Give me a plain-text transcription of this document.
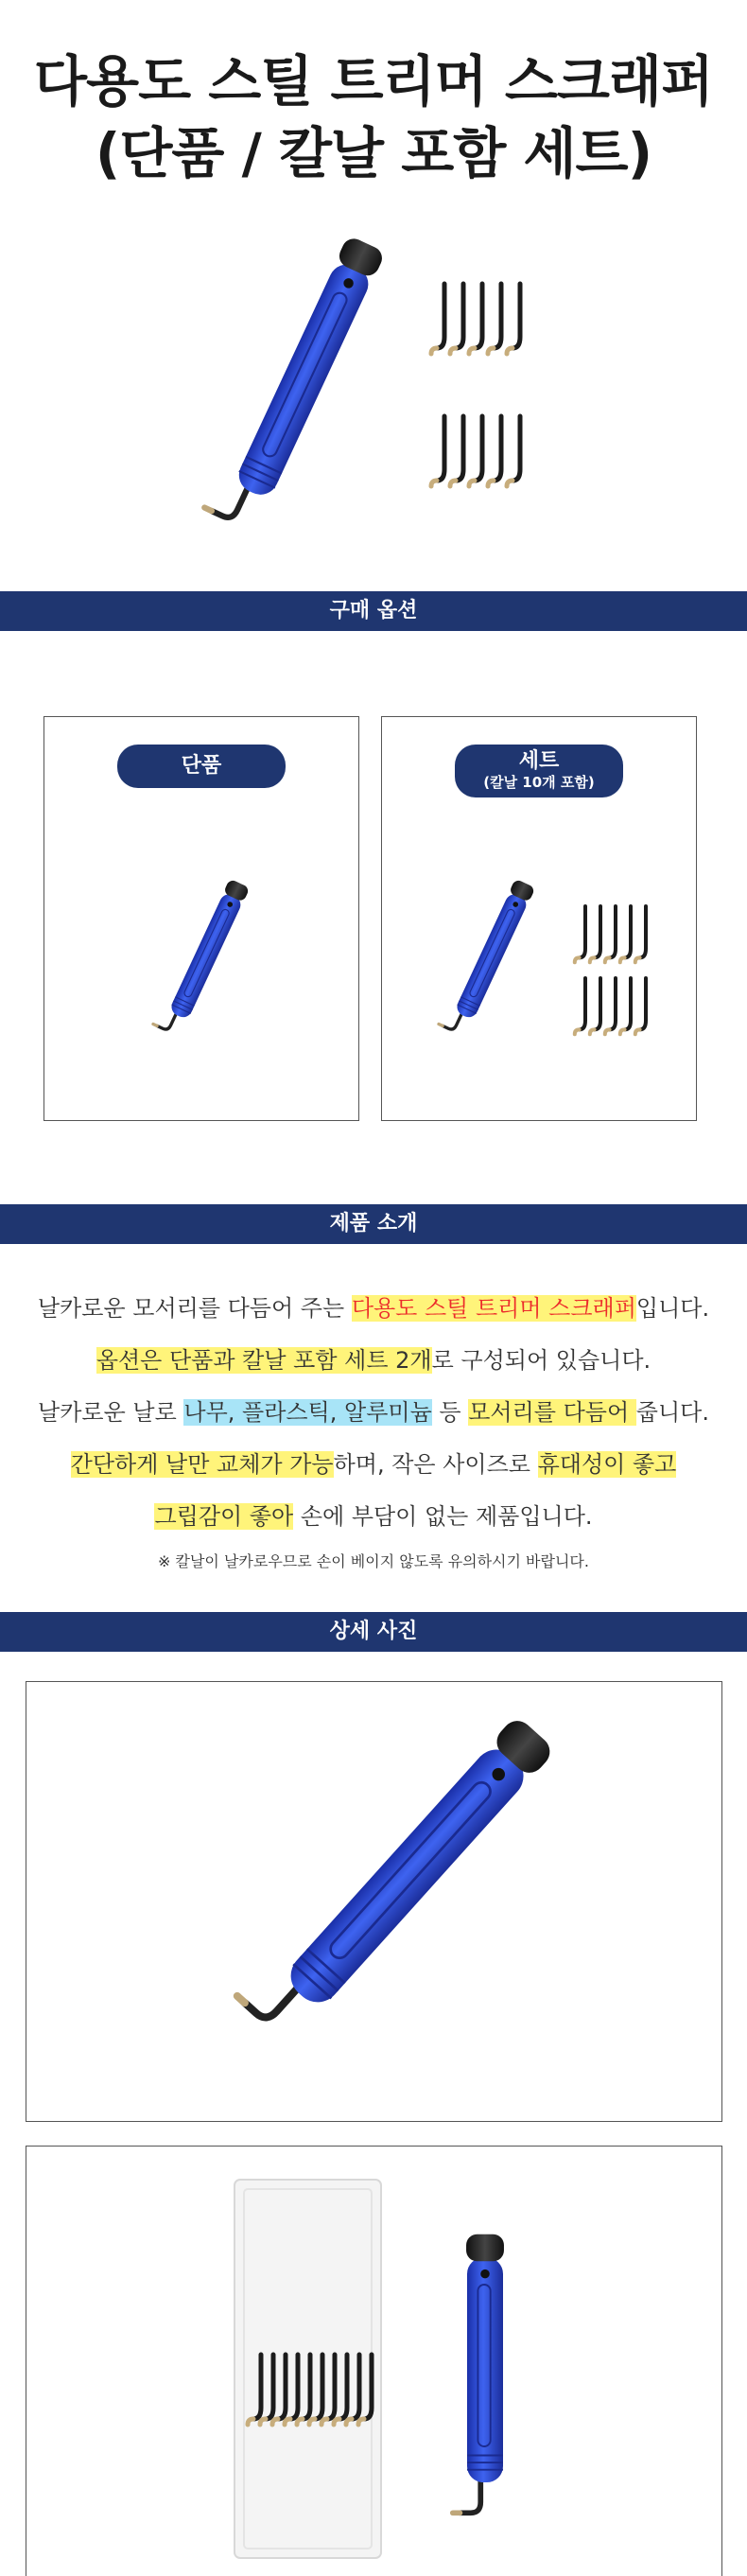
다용도 스틸 트리머 스크래퍼
(단품 / 칼날 포함 세트)
구매 옵션
단품	세트
(칼날 10개 포함)
제품 소개
날카로운 모서리를 다듬어 주는 다용도 스틸 트리머 스크래퍼입니다.
옵션은 단품과 칼날 포함 세트 2개로 구성되어 있습니다.
날카로운 날로 나무, 플라스틱, 알루미늄 등 모서리를 다듬어 줍니다.
간단하게 날만 교체가 가능하며, 작은 사이즈로 휴대성이 좋고
그립감이 좋아 손에 부담이 없는 제품입니다.
※ 칼날이 날카로우므로 손이 베이지 않도록 유의하시기 바랍니다.
상세 사진
